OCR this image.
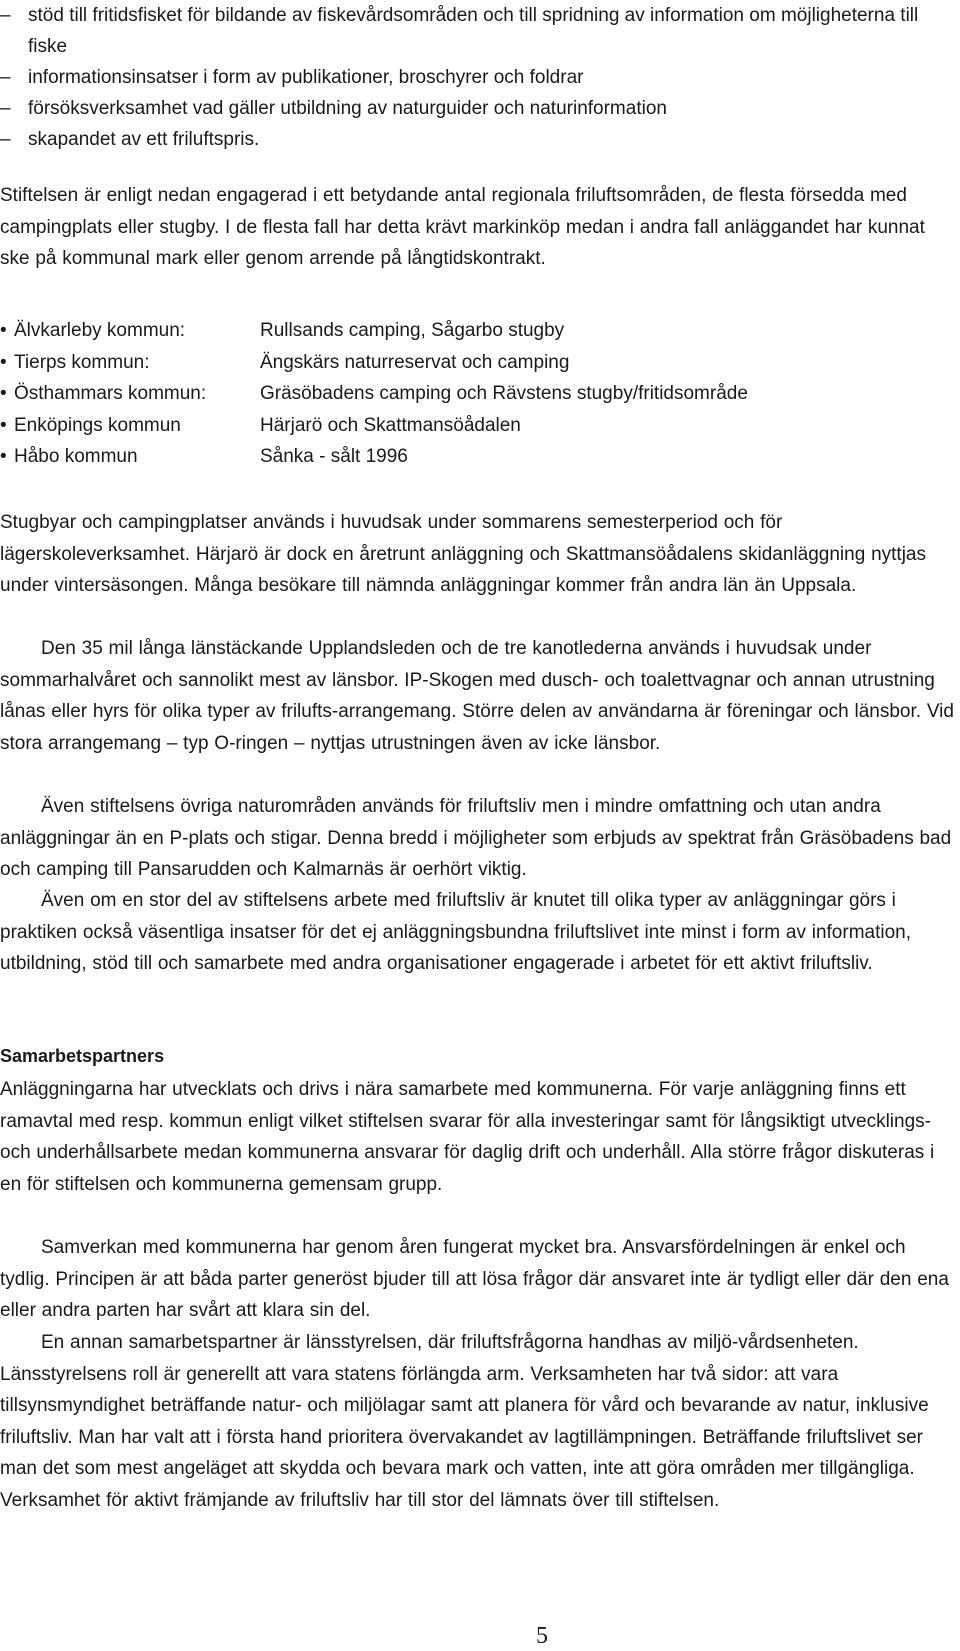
– stöd till fritidsfisket för bildande av fiskevårdsområden och till spridning av information om möjligheterna till fiske
– informationsinsatser i form av publikationer, broschyrer och foldrar
– försöksverksamhet vad gäller utbildning av naturguider och naturinformation
– skapandet av ett friluftspris.

Stiftelsen är enligt nedan engagerad i ett betydande antal regionala friluftsområden, de flesta försedda med campingplats eller stugby. I de flesta fall har detta krävt markinköp medan i andra fall anläggandet har kunnat ske på kommunal mark eller genom arrende på långtidskontrakt.

• Älvkarleby kommun:	Rullsands camping, Sågarbo stugby
• Tierps kommun:	Ängskärs naturreservat och camping
• Östhammars kommun:	Gräsöbadens camping och Rävstens stugby/fritidsområde
• Enköpings kommun	Härjarö och Skattmansöådalen
• Håbo kommun	Sånka - sålt 1996

Stugbyar och campingplatser används i huvudsak under sommarens semesterperiod och för lägerskoleverksamhet. Härjarö är dock en åretrunt anläggning och Skattmansöådalens skidanläggning nyttjas under vintersäsongen. Många besökare till nämnda anläggningar kommer från andra län än Uppsala.

Den 35 mil långa länstäckande Upplandsleden och de tre kanotlederna används i huvudsak under sommarhalvåret och sannolikt mest av länsbor. IP-Skogen med dusch- och toalettvagnar och annan utrustning lånas eller hyrs för olika typer av frilufts-arrangemang. Större delen av användarna är föreningar och länsbor. Vid stora arrangemang – typ O-ringen – nyttjas utrustningen även av icke länsbor.

Även stiftelsens övriga naturområden används för friluftsliv men i mindre omfattning och utan andra anläggningar än en P-plats och stigar. Denna bredd i möjligheter som erbjuds av spektrat från Gräsöbadens bad och camping till Pansarudden och Kalmarnäs är oerhört viktig.

Även om en stor del av stiftelsens arbete med friluftsliv är knutet till olika typer av anläggningar görs i praktiken också väsentliga insatser för det ej anläggningsbundna friluftslivet inte minst i form av information, utbildning, stöd till och samarbete med andra organisationer engagerade i arbetet för ett aktivt friluftsliv.

Samarbetspartners

Anläggningarna har utvecklats och drivs i nära samarbete med kommunerna. För varje anläggning finns ett ramavtal med resp. kommun enligt vilket stiftelsen svarar för alla investeringar samt för långsiktigt utvecklings- och underhållsarbete medan kommunerna ansvarar för daglig drift och underhåll. Alla större frågor diskuteras i en för stiftelsen och kommunerna gemensam grupp.

Samverkan med kommunerna har genom åren fungerat mycket bra. Ansvarsfördelningen är enkel och tydlig. Principen är att båda parter generöst bjuder till att lösa frågor där ansvaret inte är tydligt eller där den ena eller andra parten har svårt att klara sin del.

En annan samarbetspartner är länsstyrelsen, där friluftsfrågorna handhas av miljö-vårdsenheten. Länsstyrelsens roll är generellt att vara statens förlängda arm. Verksamheten har två sidor: att vara tillsynsmyndighet beträffande natur- och miljölagar samt att planera för vård och bevarande av natur, inklusive friluftsliv. Man har valt att i första hand prioritera övervakandet av lagtillämpningen. Beträffande friluftslivet ser man det som mest angeläget att skydda och bevara mark och vatten, inte att göra områden mer tillgängliga. Verksamhet för aktivt främjande av friluftsliv har till stor del lämnats över till stiftelsen.

5
